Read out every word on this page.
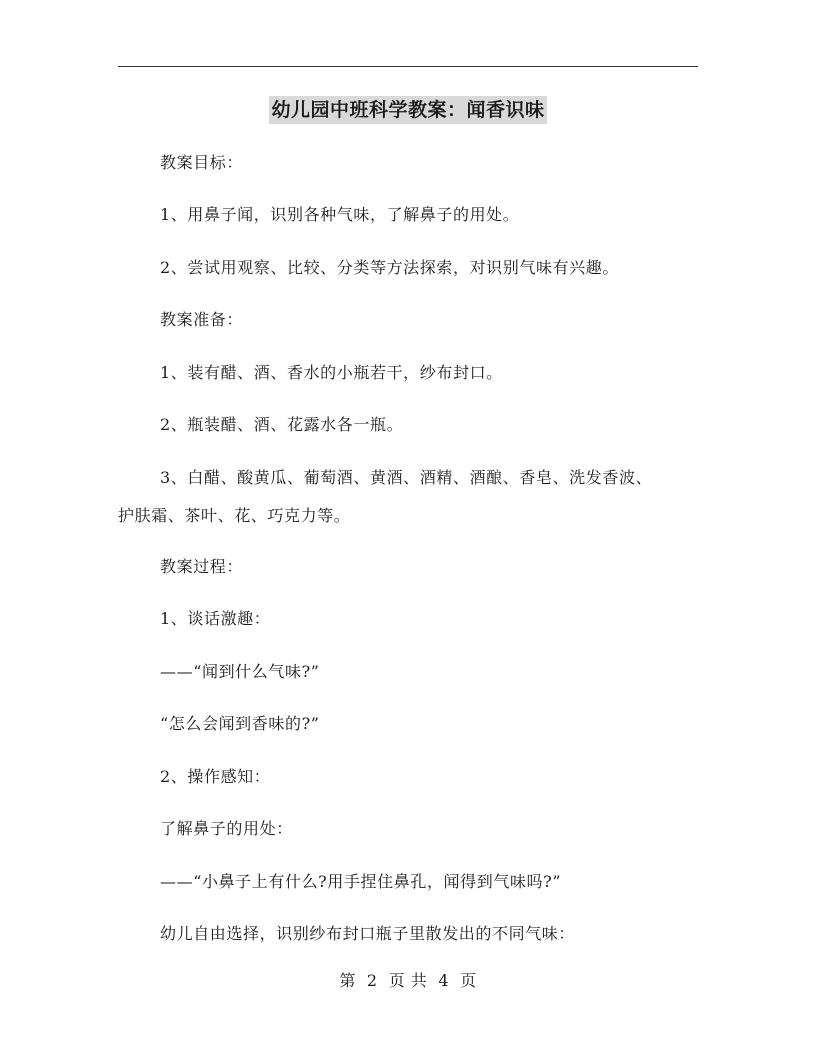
幼儿园中班科学教案：闻香识味
教案目标：
1、用鼻子闻，识别各种气味，了解鼻子的用处。
2、尝试用观察、比较、分类等方法探索，对识别气味有兴趣。
教案准备：
1、装有醋、酒、香水的小瓶若干，纱布封口。
2、瓶装醋、酒、花露水各一瓶。
3、白醋、酸黄瓜、葡萄酒、黄酒、酒精、酒酿、香皂、洗发香波、
护肤霜、茶叶、花、巧克力等。
教案过程：
1、谈话激趣：
——“闻到什么气味?”
“怎么会闻到香味的?”
2、操作感知：
了解鼻子的用处：
——“小鼻子上有什么?用手捏住鼻孔，闻得到气味吗?”
幼儿自由选择，识别纱布封口瓶子里散发出的不同气味：
第 2 页 共 4 页
